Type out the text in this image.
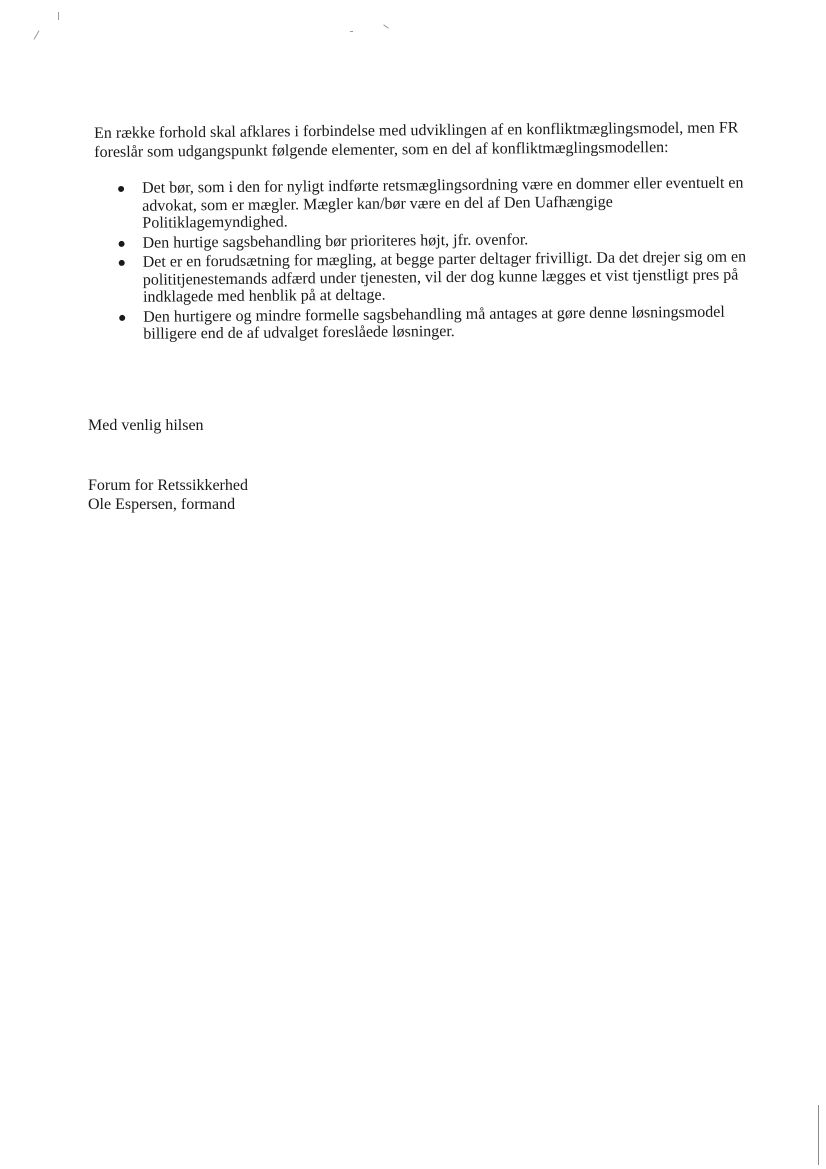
En række forhold skal afklares i forbindelse med udviklingen af en konfliktmæglingsmodel, men FR foreslår som udgangspunkt følgende elementer, som en del af konfliktmæglingsmodellen:

Det bør, som i den for nyligt indførte retsmæglingsordning være en dommer eller eventuelt en advokat, som er mægler. Mægler kan/bør være en del af Den Uafhængige Politiklagemyndighed.
Den hurtige sagsbehandling bør prioriteres højt, jfr. ovenfor.
Det er en forudsætning for mægling, at begge parter deltager frivilligt. Da det drejer sig om en polititjenestemands adfærd under tjenesten, vil der dog kunne lægges et vist tjenstligt pres på indklagede med henblik på at deltage.
Den hurtigere og mindre formelle sagsbehandling må antages at gøre denne løsningsmodel billigere end de af udvalget foreslåede løsninger.

Med venlig hilsen

Forum for Retssikkerhed
Ole Espersen, formand
